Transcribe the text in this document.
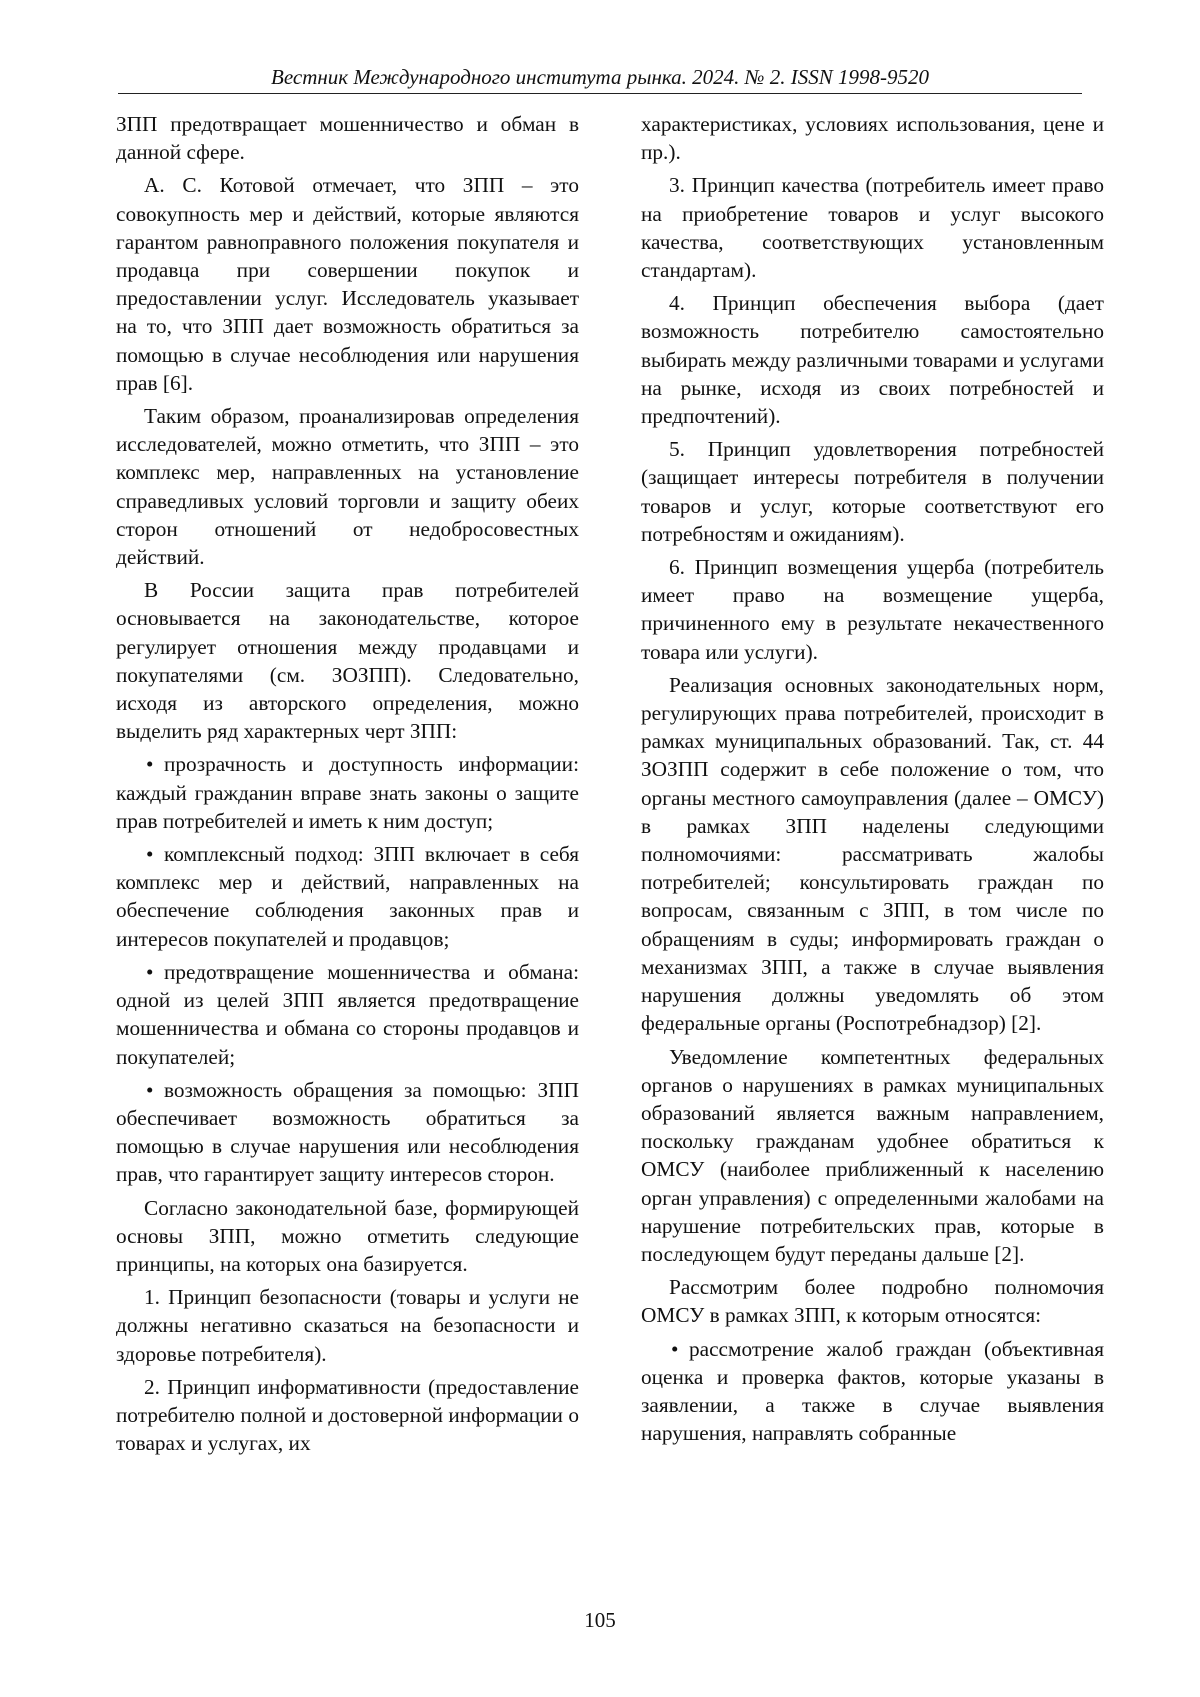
Вестник Международного института рынка. 2024. № 2. ISSN 1998-9520

ЗПП предотвращает мошенничество и обман в данной сфере.

А. С. Котовой отмечает, что ЗПП – это совокупность мер и действий, которые являются гарантом равноправного положения покупателя и продавца при совершении покупок и предоставлении услуг. Исследователь указывает на то, что ЗПП дает возможность обратиться за помощью в случае несоблюдения или нарушения прав [6].

Таким образом, проанализировав определения исследователей, можно отметить, что ЗПП – это комплекс мер, направленных на установление справедливых условий торговли и защиту обеих сторон отношений от недобросовестных действий.

В России защита прав потребителей основывается на законодательстве, которое регулирует отношения между продавцами и покупателями (см. ЗОЗПП). Следовательно, исходя из авторского определения, можно выделить ряд характерных черт ЗПП:

• прозрачность и доступность информации: каждый гражданин вправе знать законы о защите прав потребителей и иметь к ним доступ;

• комплексный подход: ЗПП включает в себя комплекс мер и действий, направленных на обеспечение соблюдения законных прав и интересов покупателей и продавцов;

• предотвращение мошенничества и обмана: одной из целей ЗПП является предотвращение мошенничества и обмана со стороны продавцов и покупателей;

• возможность обращения за помощью: ЗПП обеспечивает возможность обратиться за помощью в случае нарушения или несоблюдения прав, что гарантирует защиту интересов сторон.

Согласно законодательной базе, формирующей основы ЗПП, можно отметить следующие принципы, на которых она базируется.

1. Принцип безопасности (товары и услуги не должны негативно сказаться на безопасности и здоровье потребителя).

2. Принцип информативности (предоставление потребителю полной и достоверной информации о товарах и услугах, их

характеристиках, условиях использования, цене и пр.).

3. Принцип качества (потребитель имеет право на приобретение товаров и услуг высокого качества, соответствующих установленным стандартам).

4. Принцип обеспечения выбора (дает возможность потребителю самостоятельно выбирать между различными товарами и услугами на рынке, исходя из своих потребностей и предпочтений).

5. Принцип удовлетворения потребностей (защищает интересы потребителя в получении товаров и услуг, которые соответствуют его потребностям и ожиданиям).

6. Принцип возмещения ущерба (потребитель имеет право на возмещение ущерба, причиненного ему в результате некачественного товара или услуги).

Реализация основных законодательных норм, регулирующих права потребителей, происходит в рамках муниципальных образований. Так, ст. 44 ЗОЗПП содержит в себе положение о том, что органы местного самоуправления (далее – ОМСУ) в рамках ЗПП наделены следующими полномочиями: рассматривать жалобы потребителей; консультировать граждан по вопросам, связанным с ЗПП, в том числе по обращениям в суды; информировать граждан о механизмах ЗПП, а также в случае выявления нарушения должны уведомлять об этом федеральные органы (Роспотребнадзор) [2].

Уведомление компетентных федеральных органов о нарушениях в рамках муниципальных образований является важным направлением, поскольку гражданам удобнее обратиться к ОМСУ (наиболее приближенный к населению орган управления) с определенными жалобами на нарушение потребительских прав, которые в последующем будут переданы дальше [2].

Рассмотрим более подробно полномочия ОМСУ в рамках ЗПП, к которым относятся:

• рассмотрение жалоб граждан (объективная оценка и проверка фактов, которые указаны в заявлении, а также в случае выявления нарушения, направлять собранные

105
